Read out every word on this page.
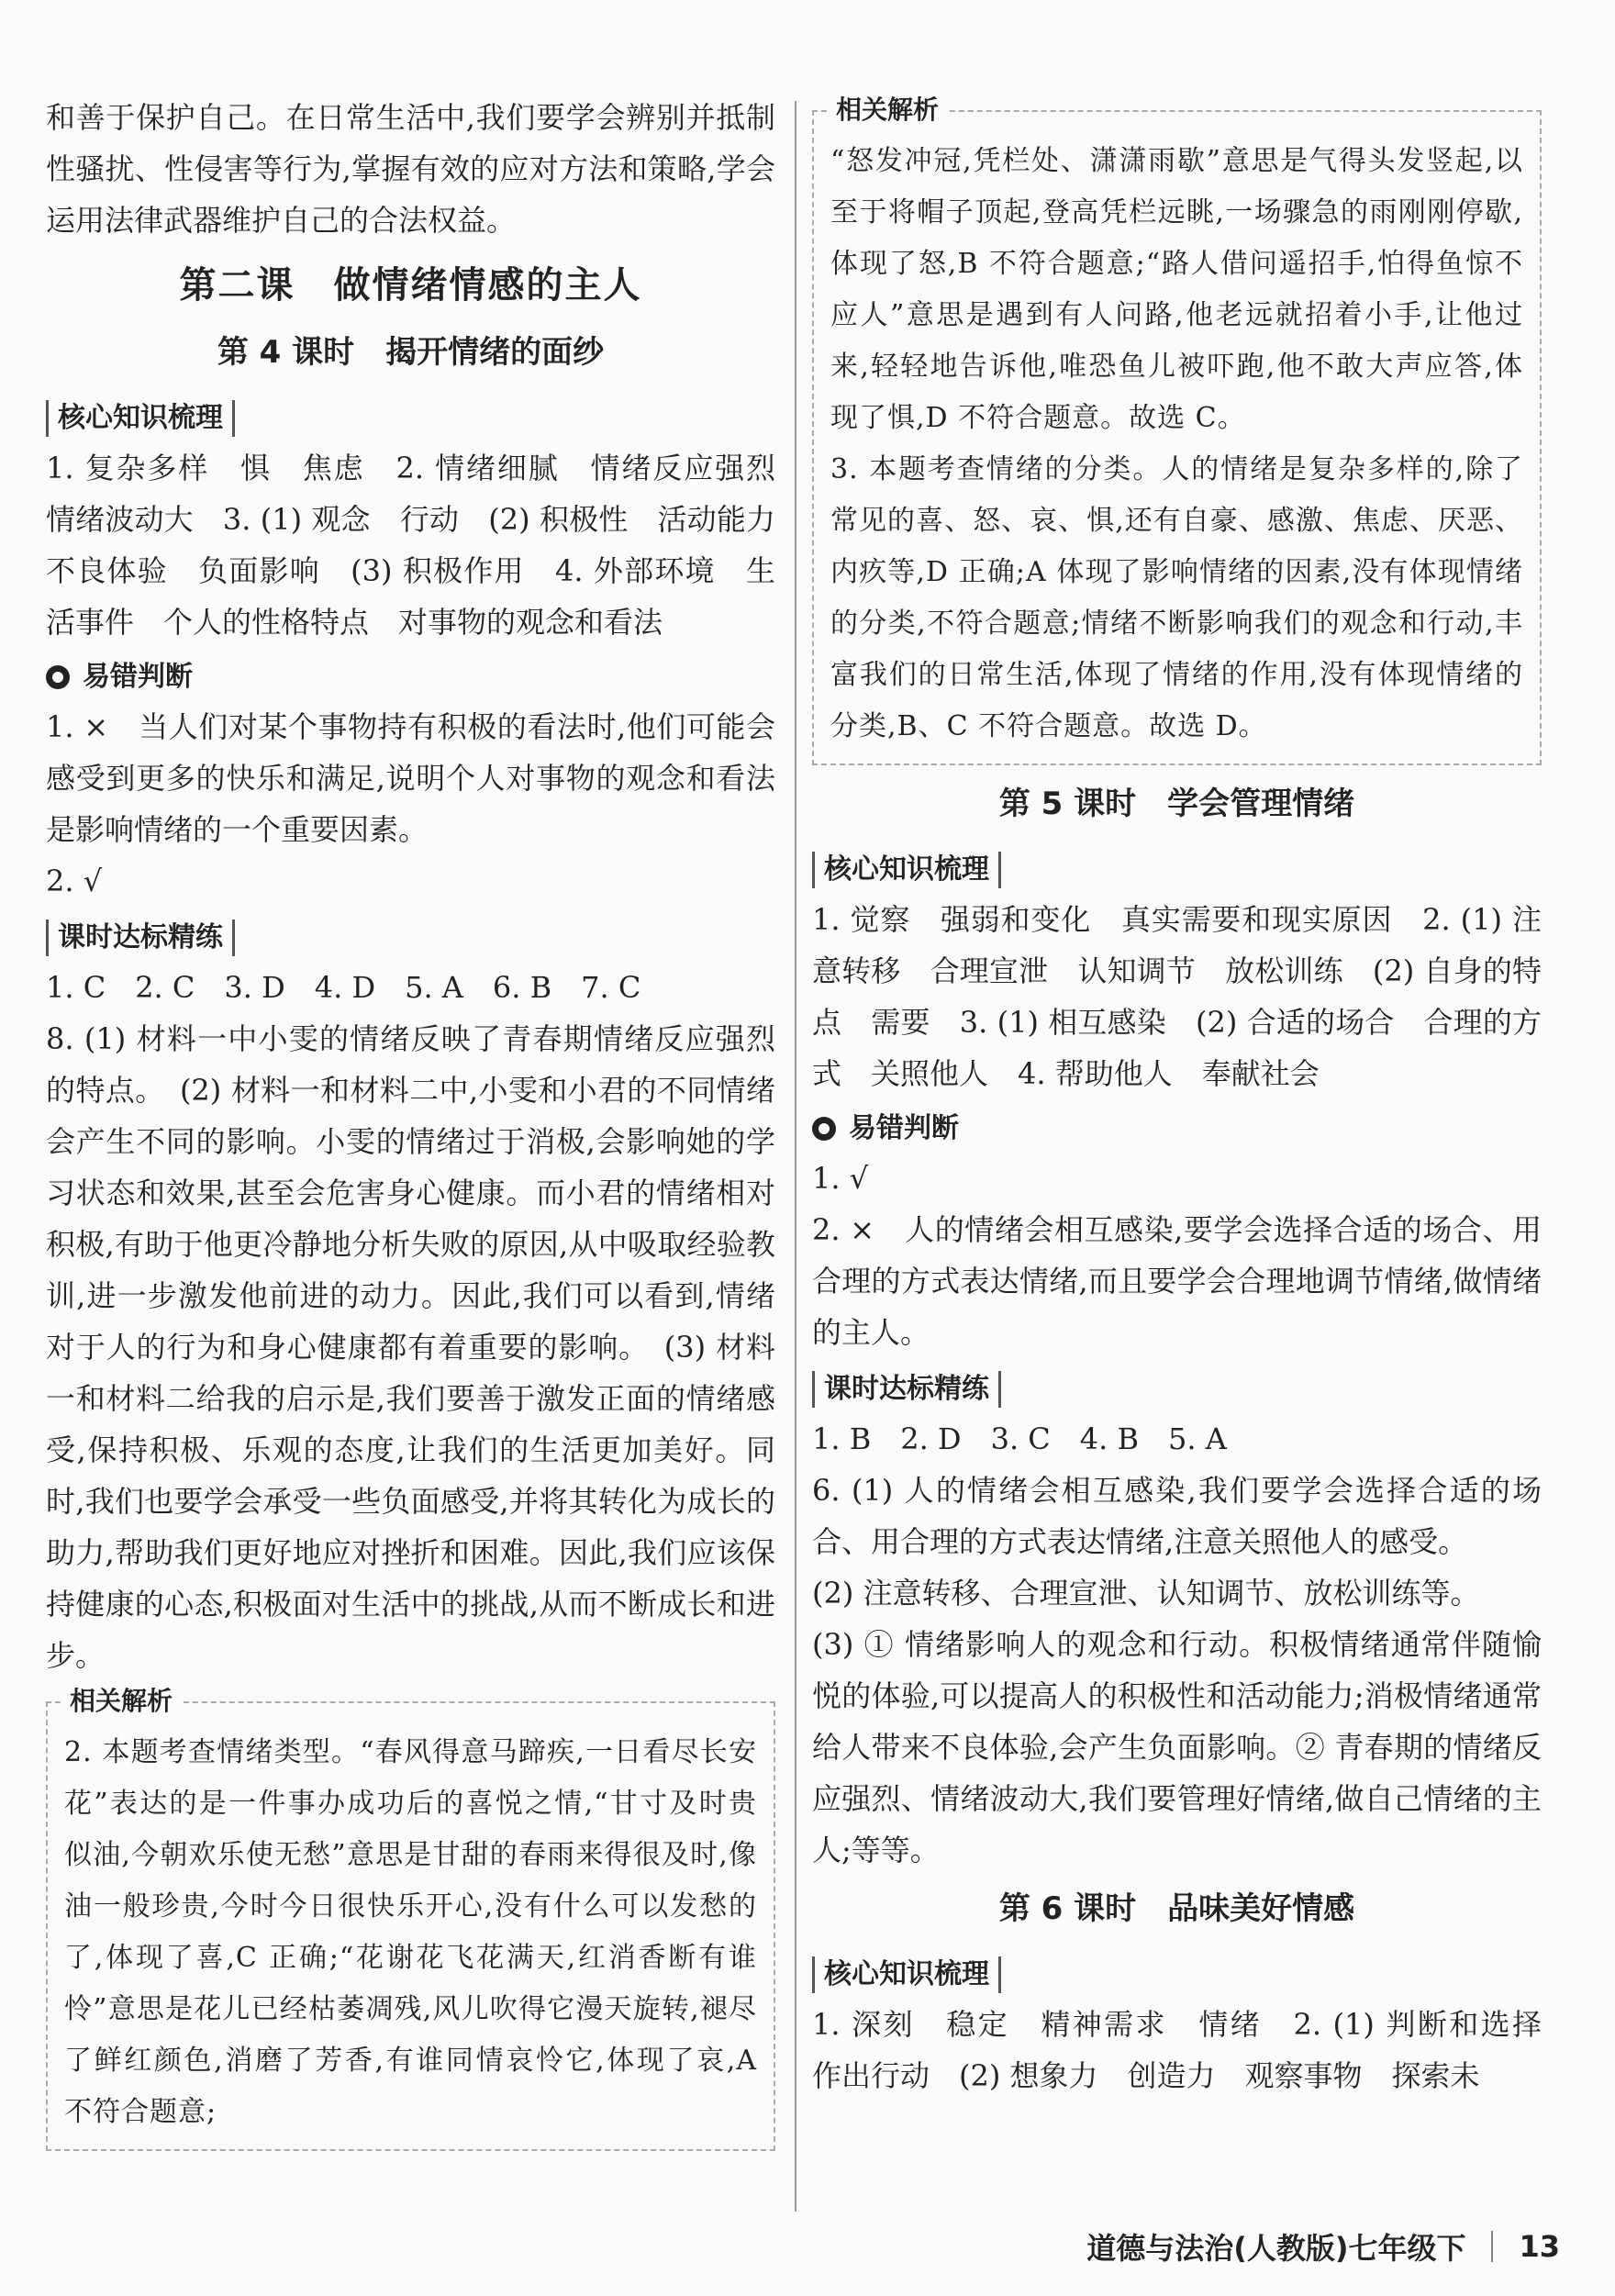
和善于保护自己。在日常生活中,我们要学会辨别并抵制性骚扰、性侵害等行为,掌握有效的应对方法和策略,学会运用法律武器维护自己的合法权益。

第二课　做情绪情感的主人
第 4 课时　揭开情绪的面纱
核心知识梳理

1. 复杂多样　惧　焦虑　2. 情绪细腻　情绪反应强烈　情绪波动大　3. (1) 观念　行动　(2) 积极性　活动能力　不良体验　负面影响　(3) 积极作用　4. 外部环境　生活事件　个人的性格特点　对事物的观念和看法

易错判断

1. ×　当人们对某个事物持有积极的看法时,他们可能会感受到更多的快乐和满足,说明个人对事物的观念和看法是影响情绪的一个重要因素。

2. √

课时达标精练

1. C　2. C　3. D　4. D　5. A　6. B　7. C

8. (1) 材料一中小雯的情绪反映了青春期情绪反应强烈的特点。　(2) 材料一和材料二中,小雯和小君的不同情绪会产生不同的影响。小雯的情绪过于消极,会影响她的学习状态和效果,甚至会危害身心健康。而小君的情绪相对积极,有助于他更冷静地分析失败的原因,从中吸取经验教训,进一步激发他前进的动力。因此,我们可以看到,情绪对于人的行为和身心健康都有着重要的影响。　(3) 材料一和材料二给我的启示是,我们要善于激发正面的情绪感受,保持积极、乐观的态度,让我们的生活更加美好。同时,我们也要学会承受一些负面感受,并将其转化为成长的助力,帮助我们更好地应对挫折和困难。因此,我们应该保持健康的心态,积极面对生活中的挑战,从而不断成长和进步。

相关解析

2. 本题考查情绪类型。“春风得意马蹄疾,一日看尽长安花”表达的是一件事办成功后的喜悦之情,“甘寸及时贵似油,今朝欢乐使无愁”意思是甘甜的春雨来得很及时,像油一般珍贵,今时今日很快乐开心,没有什么可以发愁的了,体现了喜,C 正确;“花谢花飞花满天,红消香断有谁怜”意思是花儿已经枯萎凋残,风儿吹得它漫天旋转,褪尽了鲜红颜色,消磨了芳香,有谁同情哀怜它,体现了哀,A 不符合题意;

相关解析

“怒发冲冠,凭栏处、潇潇雨歇”意思是气得头发竖起,以至于将帽子顶起,登高凭栏远眺,一场骤急的雨刚刚停歇,体现了怒,B 不符合题意;“路人借问遥招手,怕得鱼惊不应人”意思是遇到有人问路,他老远就招着小手,让他过来,轻轻地告诉他,唯恐鱼儿被吓跑,他不敢大声应答,体现了惧,D 不符合题意。故选 C。

3. 本题考查情绪的分类。人的情绪是复杂多样的,除了常见的喜、怒、哀、惧,还有自豪、感激、焦虑、厌恶、内疚等,D 正确;A 体现了影响情绪的因素,没有体现情绪的分类,不符合题意;情绪不断影响我们的观念和行动,丰富我们的日常生活,体现了情绪的作用,没有体现情绪的分类,B、C 不符合题意。故选 D。

第 5 课时　学会管理情绪
核心知识梳理

1. 觉察　强弱和变化　真实需要和现实原因　2. (1) 注意转移　合理宣泄　认知调节　放松训练　(2) 自身的特点　需要　3. (1) 相互感染　(2) 合适的场合　合理的方式　关照他人　4. 帮助他人　奉献社会

易错判断

1. √

2. ×　人的情绪会相互感染,要学会选择合适的场合、用合理的方式表达情绪,而且要学会合理地调节情绪,做情绪的主人。

课时达标精练

1. B　2. D　3. C　4. B　5. A

6. (1) 人的情绪会相互感染,我们要学会选择合适的场合、用合理的方式表达情绪,注意关照他人的感受。

(2) 注意转移、合理宣泄、认知调节、放松训练等。

(3) ① 情绪影响人的观念和行动。积极情绪通常伴随愉悦的体验,可以提高人的积极性和活动能力;消极情绪通常给人带来不良体验,会产生负面影响。② 青春期的情绪反应强烈、情绪波动大,我们要管理好情绪,做自己情绪的主人;等等。

第 6 课时　品味美好情感
核心知识梳理

1. 深刻　稳定　精神需求　情绪　2. (1) 判断和选择　作出行动　(2) 想象力　创造力　观察事物　探索未

道德与法治(人教版)七年级下 13
